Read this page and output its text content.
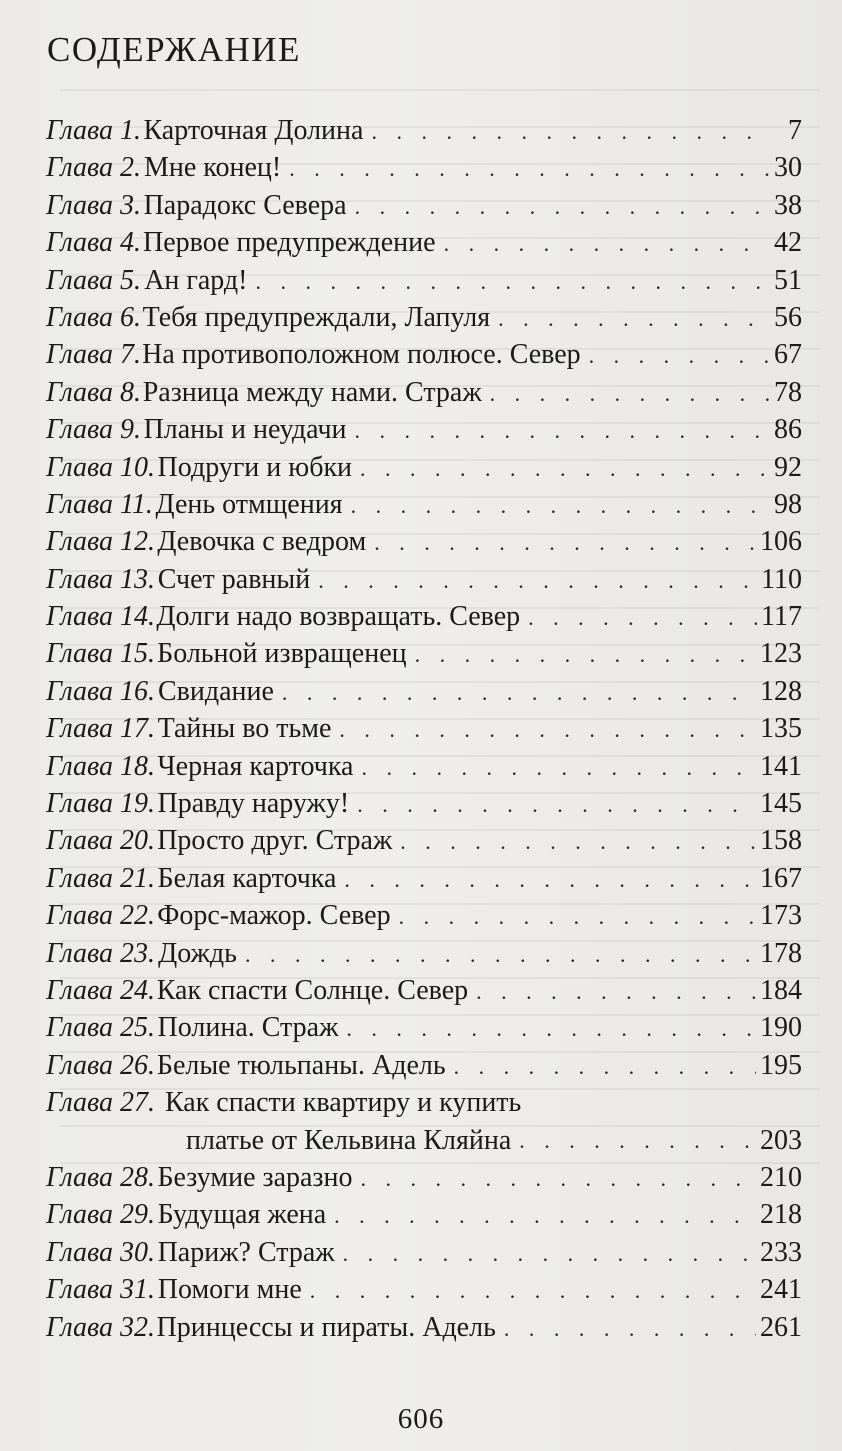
СОДЕРЖАНИЕ
Глава 1. Карточная Долина . . .	7
Глава 2. Мне конец! . . .	30
Глава 3. Парадокс Севера . . .	38
Глава 4. Первое предупреждение . . .	42
Глава 5. Ан гард! . . .	51
Глава 6. Тебя предупреждали, Лапуля . . .	56
Глава 7. На противоположном полюсе. Север . . .	67
Глава 8. Разница между нами. Страж . . .	78
Глава 9. Планы и неудачи . . .	86
Глава 10. Подруги и юбки . . .	92
Глава 11. День отмщения . . .	98
Глава 12. Девочка с ведром . . .	106
Глава 13. Счет равный . . .	110
Глава 14. Долги надо возвращать. Север . . .	117
Глава 15. Больной извращенец . . .	123
Глава 16. Свидание . . .	128
Глава 17. Тайны во тьме . . .	135
Глава 18. Черная карточка . . .	141
Глава 19. Правду наружу! . . .	145
Глава 20. Просто друг. Страж . . .	158
Глава 21. Белая карточка . . .	167
Глава 22. Форс-мажор. Север . . .	173
Глава 23. Дождь . . .	178
Глава 24. Как спасти Солнце. Север . . .	184
Глава 25. Полина. Страж . . .	190
Глава 26. Белые тюльпаны. Адель . . .	195
Глава 27. Как спасти квартиру и купить
платье от Кельвина Кляйна . . .	203
Глава 28. Безумие заразно . . .	210
Глава 29. Будущая жена . . .	218
Глава 30. Париж? Страж . . .	233
Глава 31. Помоги мне . . .	241
Глава 32. Принцессы и пираты. Адель . . .	261
606
